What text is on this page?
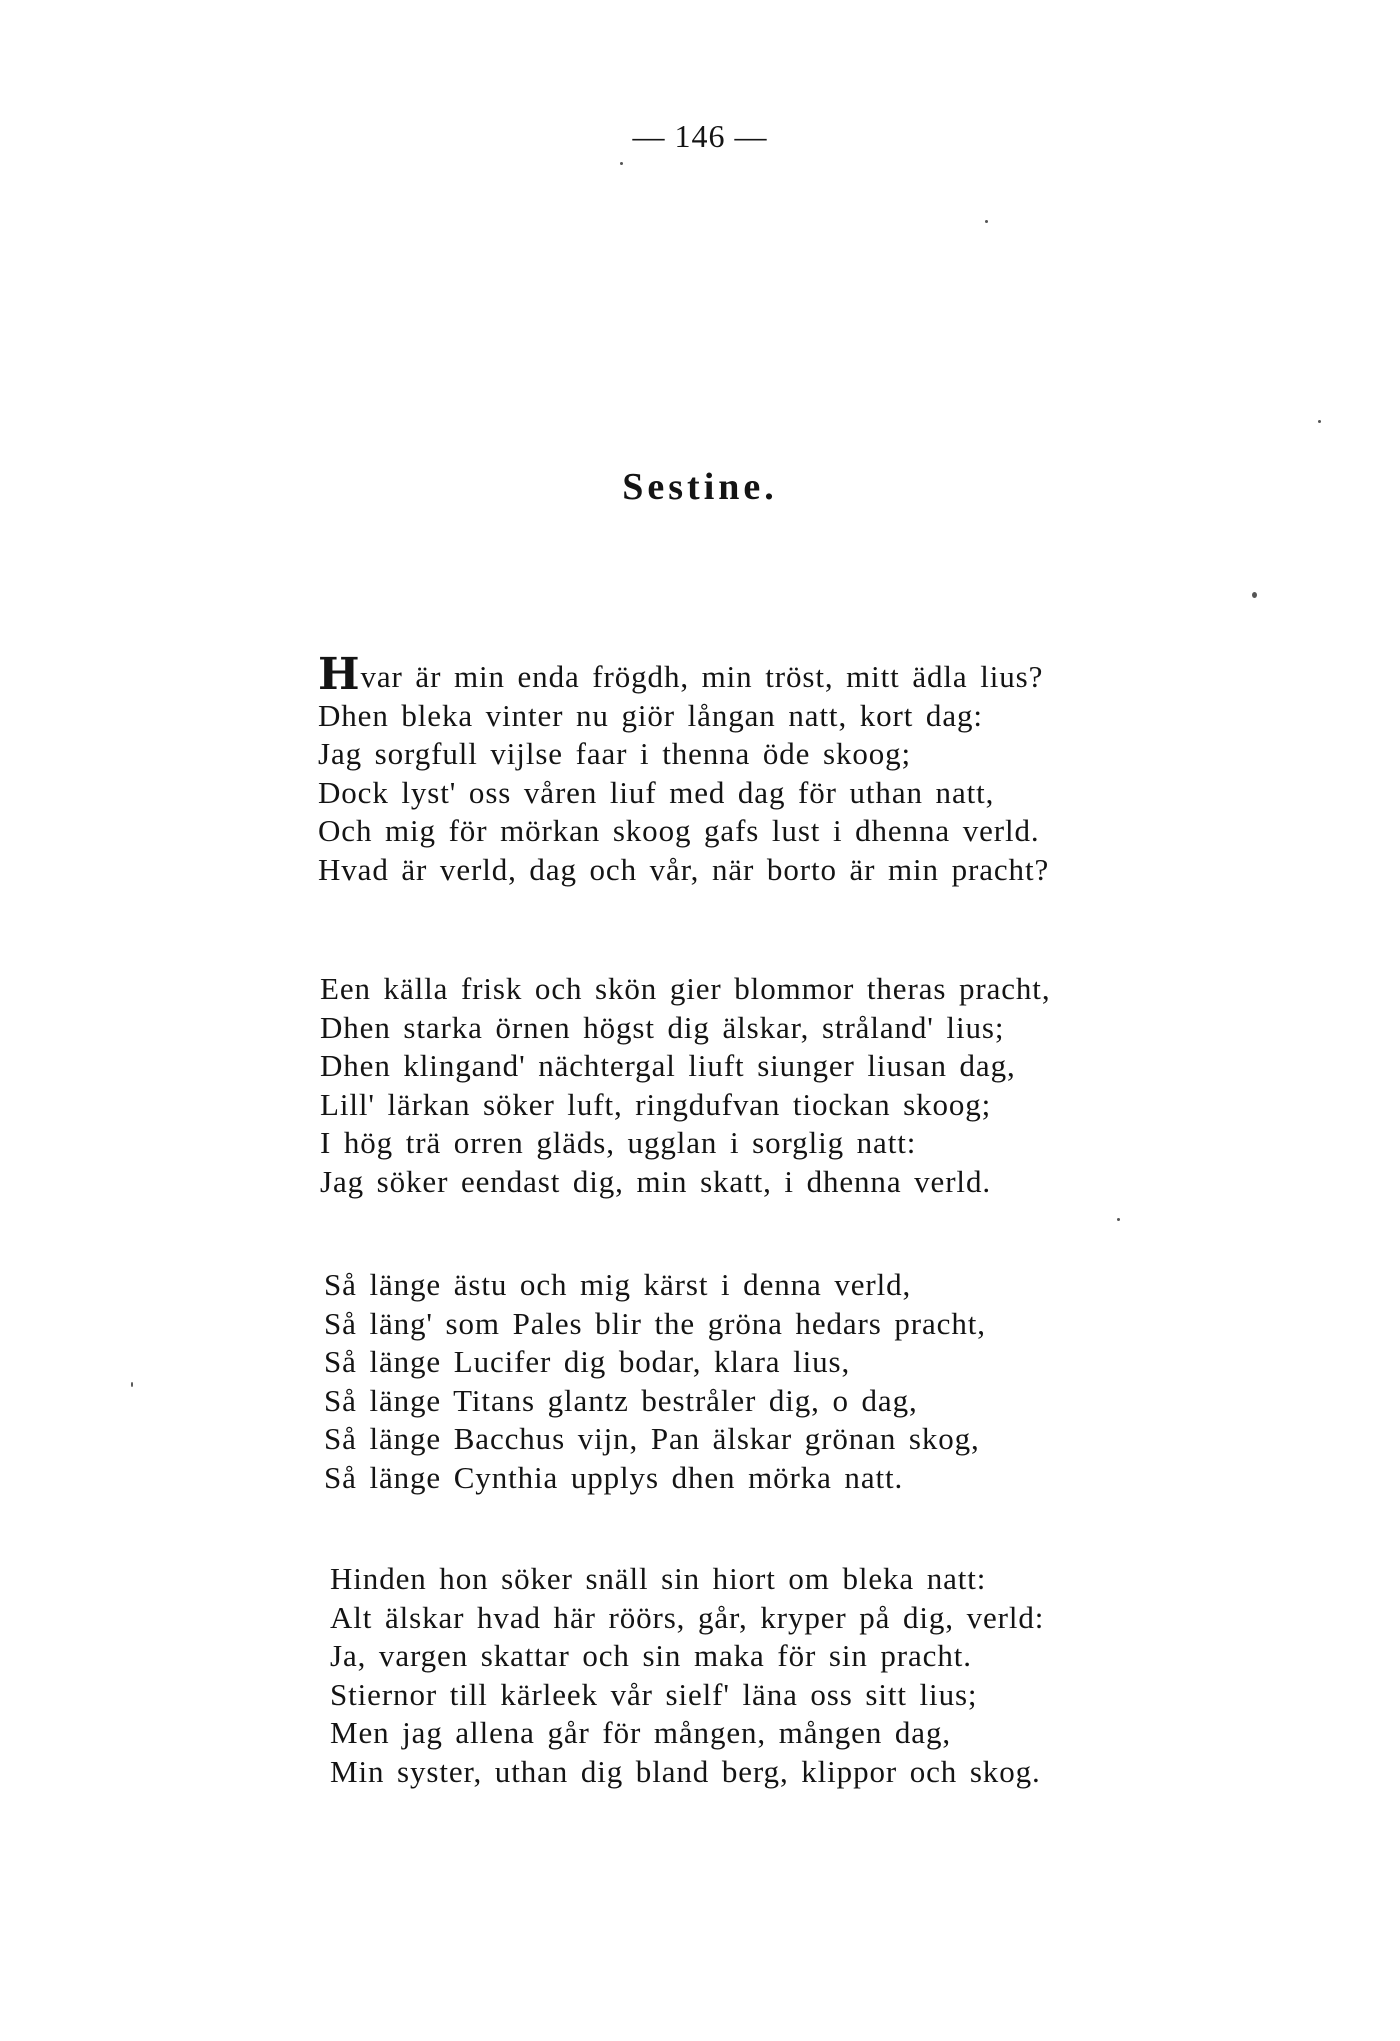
— 146 —
Sestine.
Hvar är min enda frögdh, min tröst, mitt ädla lius?
Dhen bleka vinter nu giör långan natt, kort dag:
Jag sorgfull vijlse faar i thenna öde skoog;
Dock lyst' oss våren liuf med dag för uthan natt,
Och mig för mörkan skoog gafs lust i dhenna verld.
Hvad är verld, dag och vår, när borto är min pracht?
Een källa frisk och skön gier blommor theras pracht,
Dhen starka örnen högst dig älskar, stråland' lius;
Dhen klingand' nächtergal liuft siunger liusan dag,
Lill' lärkan söker luft, ringdufvan tiockan skoog;
I hög trä orren gläds, ugglan i sorglig natt:
Jag söker eendast dig, min skatt, i dhenna verld.
Så länge ästu och mig kärst i denna verld,
Så läng' som Pales blir the gröna hedars pracht,
Så länge Lucifer dig bodar, klara lius,
Så länge Titans glantz bestråler dig, o dag,
Så länge Bacchus vijn, Pan älskar grönan skog,
Så länge Cynthia upplys dhen mörka natt.
Hinden hon söker snäll sin hiort om bleka natt:
Alt älskar hvad här röörs, går, kryper på dig, verld:
Ja, vargen skattar och sin maka för sin pracht.
Stiernor till kärleek vår sielf' läna oss sitt lius;
Men jag allena går för mången, mången dag,
Min syster, uthan dig bland berg, klippor och skog.
